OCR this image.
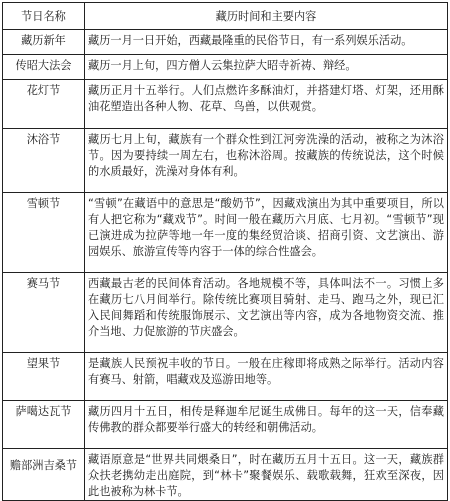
节日名称	藏历时间和主要内容

藏历新年	藏历一月一日开始，西藏最隆重的民俗节日，有一系列娱乐活动。

传昭大法会	藏历一月上旬，四方僧人云集拉萨大昭寺祈祷、辩经。

花灯节	藏历正月十五举行。人们点燃许多酥油灯，并搭建灯塔、灯架，还用酥油花塑造出各种人物、花草、鸟兽，以供观赏。

沐浴节	藏历七月上旬，藏族有一个群众性到江河旁洗澡的活动，被称之为沐浴节。因为要持续一周左右，也称沐浴周。按藏族的传统说法，这个时候的水质最好，洗澡对身体有利。

雪顿节	“雪顿”在藏语中的意思是“酸奶节”，因藏戏演出为其中重要项目，所以有人把它称为“藏戏节”。时间一般在藏历六月底、七月初。“雪顿节”现已演进成为拉萨等地一年一度的集经贸洽谈、招商引资、文艺演出、游园娱乐、旅游宣传等内容于一体的综合性盛会。

赛马节	西藏最古老的民间体育活动。各地规模不等，具体叫法不一。习惯上多在藏历七八月间举行。除传统比赛项目骑射、走马、跑马之外，现已汇入民间舞蹈和传统服饰展示、文艺演出等内容，成为各地物资交流、推介当地、力促旅游的节庆盛会。

望果节	是藏族人民预祝丰收的节日。一般在庄稼即将成熟之际举行。活动内容有赛马、射箭，唱藏戏及巡游田地等。

萨噶达瓦节	藏历四月十五日，相传是释迦牟尼诞生成佛日。每年的这一天，信奉藏传佛教的群众都要举行盛大的转经和朝佛活动。

赡部洲吉桑节	藏语原意是“世界共同煨桑日”，时在藏历五月十五日。这一天，藏族群众扶老携幼走出庭院，到“林卡”聚餐娱乐、载歌载舞，狂欢至深夜，因此也被称为林卡节。
